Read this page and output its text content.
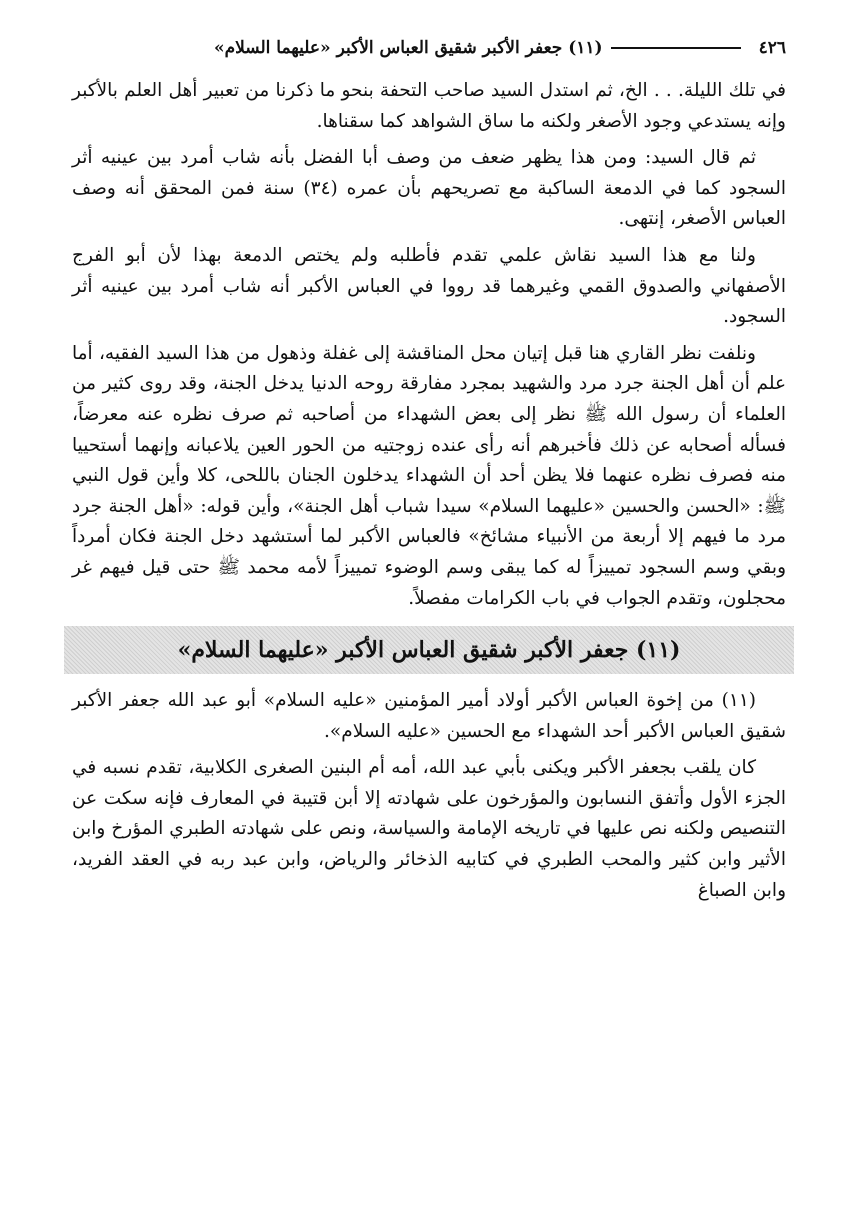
٤٢٦
(١١) جعفر الأكبر شقيق العباس الأكبر «عليهما السلام»

في تلك الليلة. . . الخ، ثم استدل السيد صاحب التحفة بنحو ما ذكرنا من تعبير أهل العلم بالأكبر وإنه يستدعي وجود الأصغر ولكنه ما ساق الشواهد كما سقناها.

ثم قال السيد: ومن هذا يظهر ضعف من وصف أبا الفضل بأنه شاب أمرد بين عينيه أثر السجود كما في الدمعة الساكبة مع تصريحهم بأن عمره (٣٤) سنة فمن المحقق أنه وصف العباس الأصغر، إنتهى.

ولنا مع هذا السيد نقاش علمي تقدم فأطلبه ولم يختص الدمعة بهذا لأن أبو الفرج الأصفهاني والصدوق القمي وغيرهما قد رووا في العباس الأكبر أنه شاب أمرد بين عينيه أثر السجود.

ونلفت نظر القاري هنا قبل إتيان محل المناقشة إلى غفلة وذهول من هذا السيد الفقيه، أما علم أن أهل الجنة جرد مرد والشهيد بمجرد مفارقة روحه الدنيا يدخل الجنة، وقد روى كثير من العلماء أن رسول الله ﷺ نظر إلى بعض الشهداء من أصاحبه ثم صرف نظره عنه معرضاً، فسأله أصحابه عن ذلك فأخبرهم أنه رأى عنده زوجتيه من الحور العين يلاعبانه وإنهما أستحييا منه فصرف نظره عنهما فلا يظن أحد أن الشهداء يدخلون الجنان باللحى، كلا وأين قول النبي ﷺ: «الحسن والحسين «عليهما السلام» سيدا شباب أهل الجنة»، وأين قوله: «أهل الجنة جرد مرد ما فيهم إلا أربعة من الأنبياء مشائخ» فالعباس الأكبر لما أستشهد دخل الجنة فكان أمرداً وبقي وسم السجود تمييزاً له كما يبقى وسم الوضوء تمييزاً لأمه محمد ﷺ حتى قيل فيهم غر محجلون، وتقدم الجواب في باب الكرامات مفصلاً.

(١١) جعفر الأكبر شقيق العباس الأكبر «عليهما السلام»

(١١) من إخوة العباس الأكبر أولاد أمير المؤمنين «عليه السلام» أبو عبد الله جعفر الأكبر شقيق العباس الأكبر أحد الشهداء مع الحسين «عليه السلام».

كان يلقب بجعفر الأكبر ويكنى بأبي عبد الله، أمه أم البنين الصغرى الكلابية، تقدم نسبه في الجزء الأول وأتفق النسابون والمؤرخون على شهادته إلا أبن قتيبة في المعارف فإنه سكت عن التنصيص ولكنه نص عليها في تاريخه الإمامة والسياسة، ونص على شهادته الطبري المؤرخ وابن الأثير وابن كثير والمحب الطبري في كتابيه الذخائر والرياض، وابن عبد ربه في العقد الفريد، وابن الصباغ
